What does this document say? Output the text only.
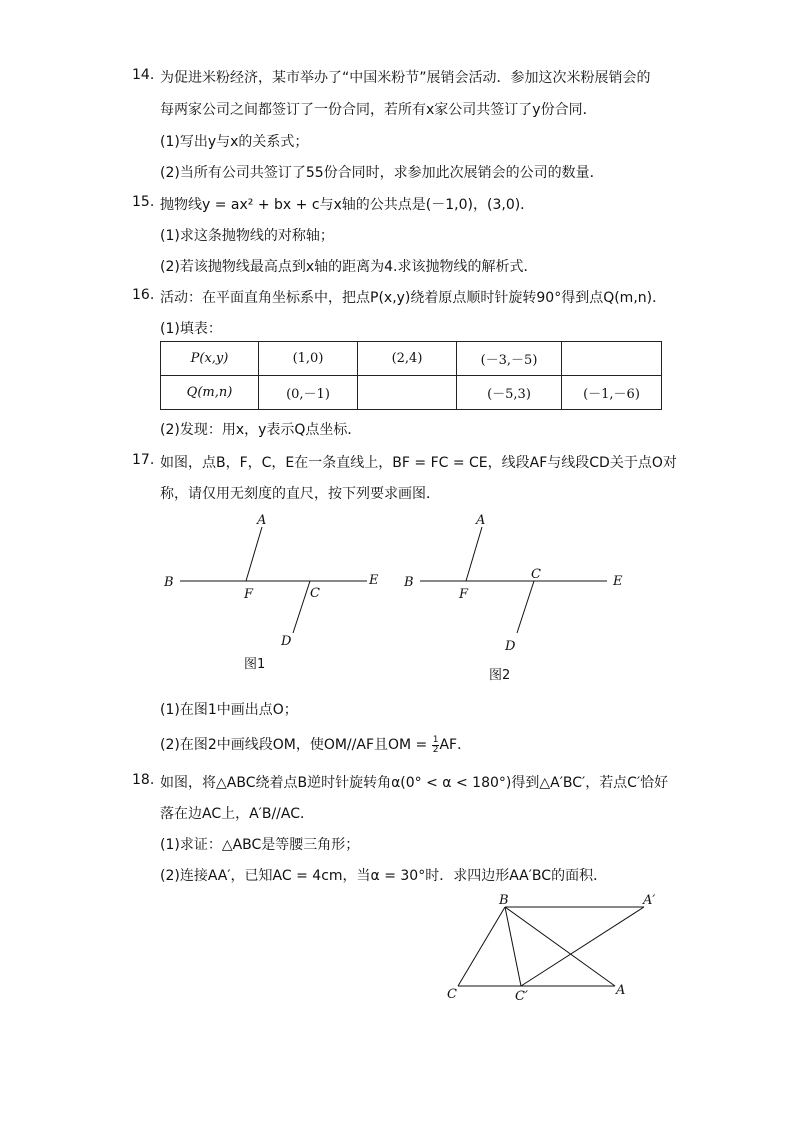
14. 为促进米粉经济，某市举办了“中国米粉节”展销会活动．参加这次米粉展销会的
每两家公司之间都签订了一份合同，若所有x家公司共签订了y份合同．
(1)写出y与x的关系式；
(2)当所有公司共签订了55份合同时，求参加此次展销会的公司的数量．
15. 抛物线y = ax² + bx + c与x轴的公共点是(－1,0)，(3,0)．
(1)求这条抛物线的对称轴；
(2)若该抛物线最高点到x轴的距离为4.求该抛物线的解析式．
16. 活动：在平面直角坐标系中，把点P(x,y)绕着原点顺时针旋转90°得到点Q(m,n)．
(1)填表：
P(x,y)	(1,0)	(2,4)	(－3,－5)	
Q(m,n)	(0,－1)		(－5,3)	(－1,－6)
(2)发现：用x，y表示Q点坐标．
17. 如图，点B，F，C，E在一条直线上，BF = FC = CE，线段AF与线段CD关于点O对
称，请仅用无刻度的直尺，按下列要求画图．
A
B
F	C
E
D
图1
A
B
F
C	E
D
图2
B	A′
C	C′	A
(1)在图1中画出点O；
(2)在图2中画线段OM，使OM//AF且OM = $\frac{1}{2}$ AF．
18. 如图，将△ABC绕着点B逆时针旋转角α(0° < α < 180°)得到△A′BC′，若点C′恰好
落在边AC上，A′B//AC．
(1)求证：△ABC是等腰三角形；
(2)连接AA′，已知AC = 4cm，当α = 30°时．求四边形AA′BC的面积．
